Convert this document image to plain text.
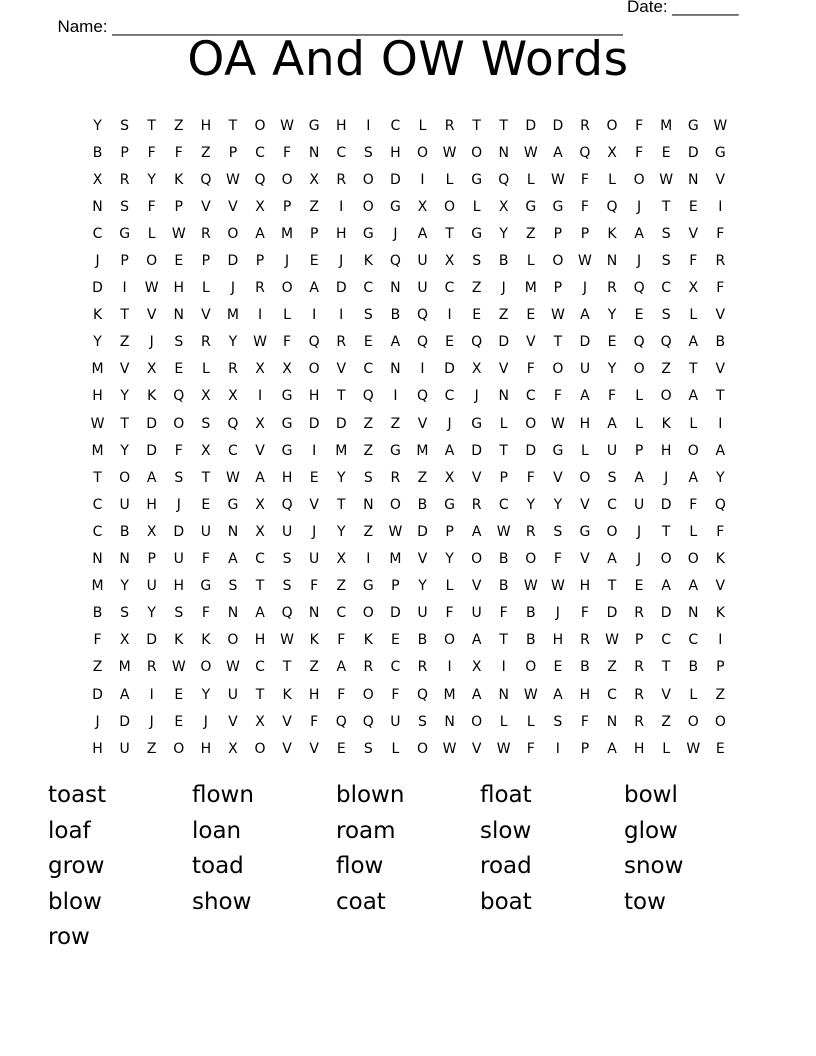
Name: ______________________________________________________

Date: _______

OA And OW Words
Y	S	T	Z	H	T	O	W	G	H	I	C	L	R	T	T	D	D	R	O	F	M	G	W
B	P	F	F	Z	P	C	F	N	C	S	H	O	W	O	N	W	A	Q	X	F	E	D	G
X	R	Y	K	Q	W	Q	O	X	R	O	D	I	L	G	Q	L	W	F	L	O	W	N	V
N	S	F	P	V	V	X	P	Z	I	O	G	X	O	L	X	G	G	F	Q	J	T	E	I
C	G	L	W	R	O	A	M	P	H	G	J	A	T	G	Y	Z	P	P	K	A	S	V	F
J	P	O	E	P	D	P	J	E	J	K	Q	U	X	S	B	L	O	W	N	J	S	F	R
D	I	W	H	L	J	R	O	A	D	C	N	U	C	Z	J	M	P	J	R	Q	C	X	F
K	T	V	N	V	M	I	L	I	I	S	B	Q	I	E	Z	E	W	A	Y	E	S	L	V
Y	Z	J	S	R	Y	W	F	Q	R	E	A	Q	E	Q	D	V	T	D	E	Q	Q	A	B
M	V	X	E	L	R	X	X	O	V	C	N	I	D	X	V	F	O	U	Y	O	Z	T	V
H	Y	K	Q	X	X	I	G	H	T	Q	I	Q	C	J	N	C	F	A	F	L	O	A	T
W	T	D	O	S	Q	X	G	D	D	Z	Z	V	J	G	L	O	W	H	A	L	K	L	I
M	Y	D	F	X	C	V	G	I	M	Z	G	M	A	D	T	D	G	L	U	P	H	O	A
T	O	A	S	T	W	A	H	E	Y	S	R	Z	X	V	P	F	V	O	S	A	J	A	Y
C	U	H	J	E	G	X	Q	V	T	N	O	B	G	R	C	Y	Y	V	C	U	D	F	Q
C	B	X	D	U	N	X	U	J	Y	Z	W	D	P	A	W	R	S	G	O	J	T	L	F
N	N	P	U	F	A	C	S	U	X	I	M	V	Y	O	B	O	F	V	A	J	O	O	K
M	Y	U	H	G	S	T	S	F	Z	G	P	Y	L	V	B	W W	H	T	E	A	A	V
B	S	Y	S	F	N	A	Q	N	C	O	D	U	F	U	F	B	J	F	D	R	D	N	K
F	X	D	K	K	O	H	W	K	F	K	E	B	O	A	T	B	H	R	W	P	C	C	I
Z	M	R	W	O	W	C	T	Z	A	R	C	R	I	X	I	O	E	B	Z	R	T	B	P
D	A	I	E	Y	U	T	K	H	F	O	F	Q	M	A	N	W	A	H	C	R	V	L	Z
J	D	J	E	J	V	X	V	F	Q	Q	U	S	N	O	L	L	S	F	N	R	Z	O	O
H	U	Z	O	H	X	O	V	V	E	S	L	O	W	V	W	F	I	P	A	H	L	W	E
toast	flown	blown	float	bowl
loaf	loan	roam	slow	glow
grow	toad	flow	road	snow
blow	show	coat	boat	tow
row
